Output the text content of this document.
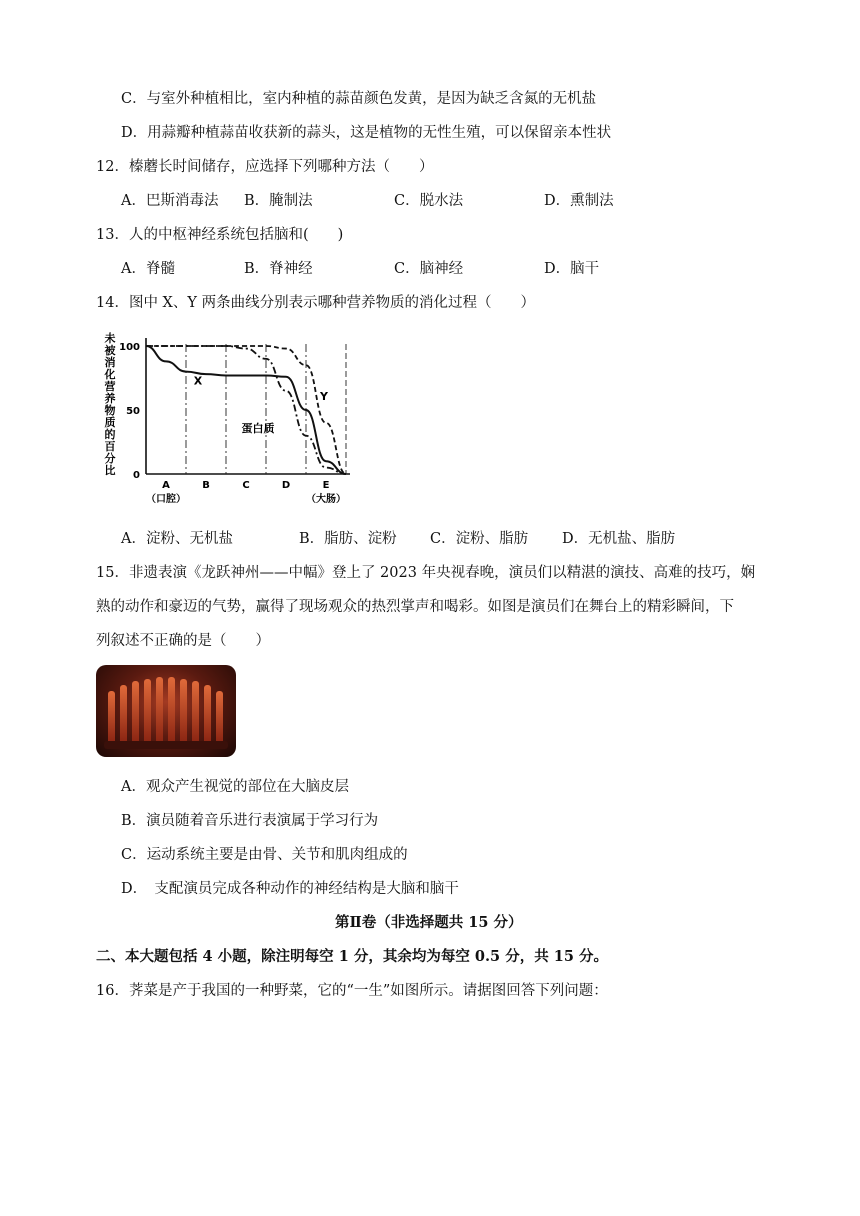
C．与室外种植相比，室内种植的蒜苗颜色发黄，是因为缺乏含氮的无机盐
D．用蒜瓣种植蒜苗收获新的蒜头，这是植物的无性生殖，可以保留亲本性状
12．榛蘑长时间储存，应选择下列哪种方法（　　）
A．巴斯消毒法 B．腌制法	C．脱水法	D．熏制法
13．人的中枢神经系统包括脑和(　　)
A．脊髓	B．脊神经	C．脑神经	D．脑干
14．图中 X、Y 两条曲线分别表示哪种营养物质的消化过程（　　）
未
被
消
化
营
养
物
质
的
百
分
比
100
50
0
A
（口腔）
B	C	D	E
（大肠）
X
Y
蛋白质
A．淀粉、无机盐	B．脂肪、淀粉 C．淀粉、脂肪 D．无机盐、脂肪
15．非遗表演《龙跃神州——中幅》登上了 2023 年央视春晚，演员们以精湛的演技、高难的技巧，娴
熟的动作和豪迈的气势，赢得了现场观众的热烈掌声和喝彩。如图是演员们在舞台上的精彩瞬间，下
列叙述不正确的是（　　）
A．观众产生视觉的部位在大脑皮层
B．演员随着音乐进行表演属于学习行为
C．运动系统主要是由骨、关节和肌肉组成的
D．　支配演员完成各种动作的神经结构是大脑和脑干
第Ⅱ卷（非选择题共 15 分）
二、本大题包括 4 小题，除注明每空 1 分，其余均为每空 0.5 分，共 15 分。
16．荠菜是产于我国的一种野菜，它的“一生”如图所示。请据图回答下列问题：
